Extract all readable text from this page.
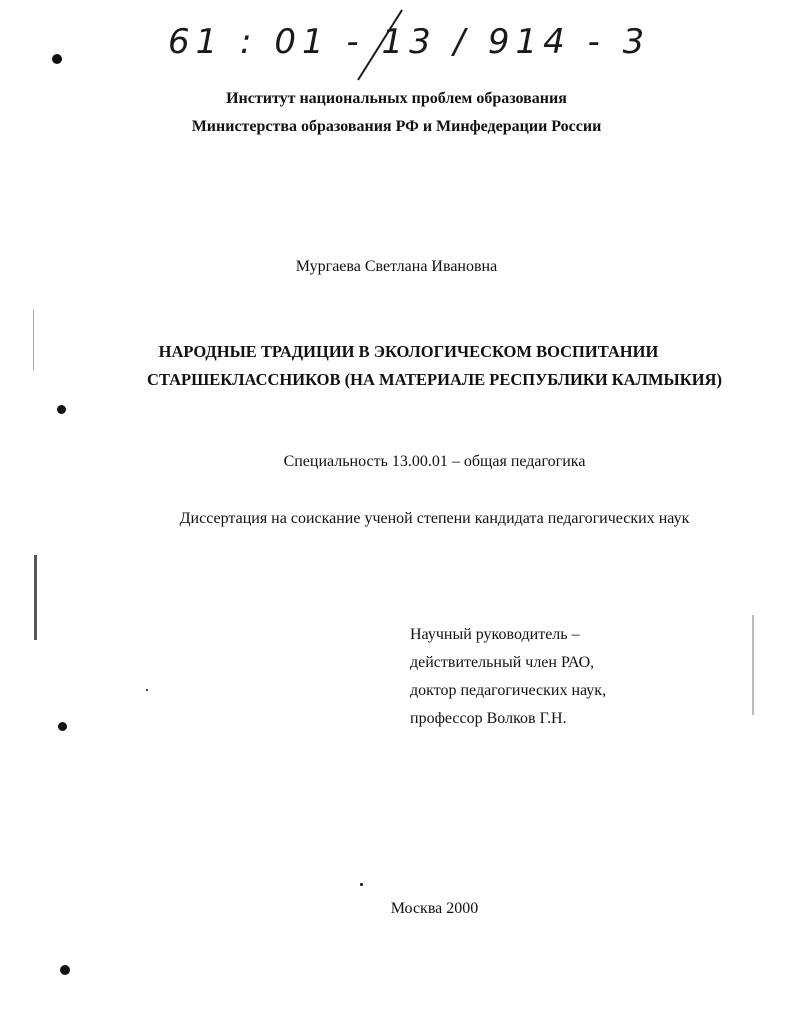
61 : 01 - 13 / 914 - 3
Институт национальных проблем образования
Министерства образования РФ и Минфедерации России
Мургаева Светлана Ивановна
НАРОДНЫЕ ТРАДИЦИИ В ЭКОЛОГИЧЕСКОМ ВОСПИТАНИИ
СТАРШЕКЛАССНИКОВ (НА МАТЕРИАЛЕ РЕСПУБЛИКИ КАЛМЫКИЯ)
Специальность 13.00.01 – общая педагогика
Диссертация на соискание ученой степени кандидата педагогических наук
Научный руководитель –
действительный член РАО,
доктор педагогических наук,
профессор Волков Г.Н.
Москва 2000
